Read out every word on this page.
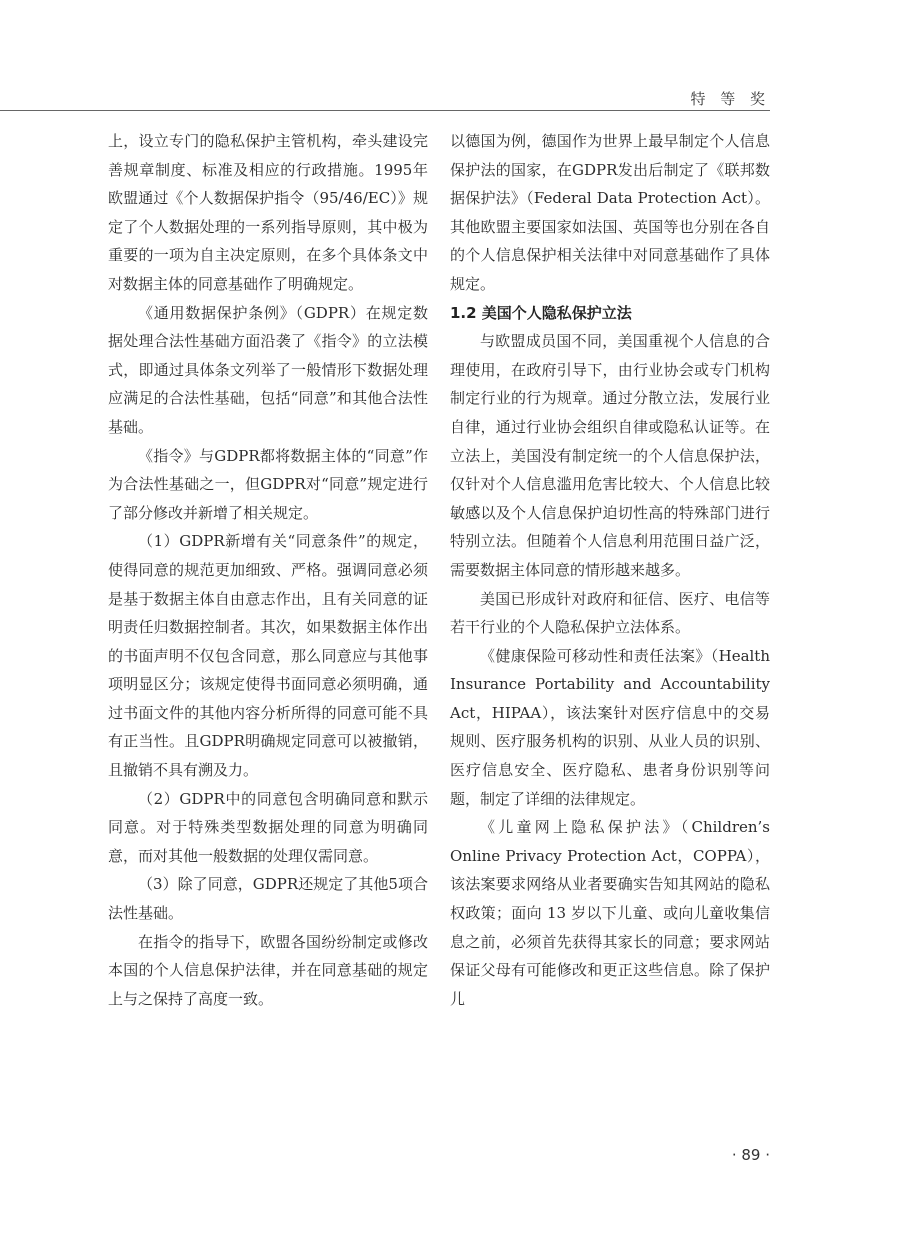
特 等 奖

上，设立专门的隐私保护主管机构，牵头建设完善规章制度、标准及相应的行政措施。1995年欧盟通过《个人数据保护指令（95/46/EC）》规定了个人数据处理的一系列指导原则，其中极为重要的一项为自主决定原则，在多个具体条文中对数据主体的同意基础作了明确规定。

《通用数据保护条例》（GDPR）在规定数据处理合法性基础方面沿袭了《指令》的立法模式，即通过具体条文列举了一般情形下数据处理应满足的合法性基础，包括“同意”和其他合法性基础。

《指令》与GDPR都将数据主体的“同意”作为合法性基础之一，但GDPR对“同意”规定进行了部分修改并新增了相关规定。

（1）GDPR新增有关“同意条件”的规定，使得同意的规范更加细致、严格。强调同意必须是基于数据主体自由意志作出，且有关同意的证明责任归数据控制者。其次，如果数据主体作出的书面声明不仅包含同意，那么同意应与其他事项明显区分；该规定使得书面同意必须明确，通过书面文件的其他内容分析所得的同意可能不具有正当性。且GDPR明确规定同意可以被撤销，且撤销不具有溯及力。

（2）GDPR中的同意包含明确同意和默示同意。对于特殊类型数据处理的同意为明确同意，而对其他一般数据的处理仅需同意。

（3）除了同意，GDPR还规定了其他5项合法性基础。

在指令的指导下，欧盟各国纷纷制定或修改本国的个人信息保护法律，并在同意基础的规定上与之保持了高度一致。

以德国为例，德国作为世界上最早制定个人信息保护法的国家，在GDPR发出后制定了《联邦数据保护法》（Federal Data Protection Act）。其他欧盟主要国家如法国、英国等也分别在各自的个人信息保护相关法律中对同意基础作了具体规定。

1.2 美国个人隐私保护立法

与欧盟成员国不同，美国重视个人信息的合理使用，在政府引导下，由行业协会或专门机构制定行业的行为规章。通过分散立法，发展行业自律，通过行业协会组织自律或隐私认证等。在立法上，美国没有制定统一的个人信息保护法，仅针对个人信息滥用危害比较大、个人信息比较敏感以及个人信息保护迫切性高的特殊部门进行特别立法。但随着个人信息利用范围日益广泛，需要数据主体同意的情形越来越多。

美国已形成针对政府和征信、医疗、电信等若干行业的个人隐私保护立法体系。

《健康保险可移动性和责任法案》（Health Insurance Portability and Accountability Act，HIPAA），该法案针对医疗信息中的交易规则、医疗服务机构的识别、从业人员的识别、医疗信息安全、医疗隐私、患者身份识别等问题，制定了详细的法律规定。

《儿童网上隐私保护法》（Children’s Online Privacy Protection Act，COPPA），该法案要求网络从业者要确实告知其网站的隐私权政策；面向 13 岁以下儿童、或向儿童收集信息之前，必须首先获得其家长的同意；要求网站保证父母有可能修改和更正这些信息。除了保护儿

· 89 ·
